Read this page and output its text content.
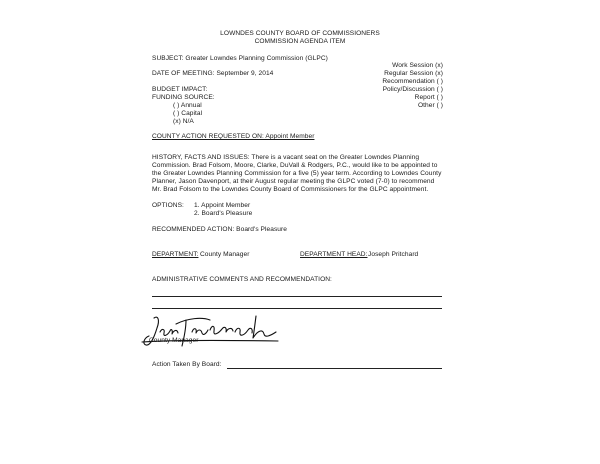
LOWNDES COUNTY BOARD OF COMMISSIONERS
COMMISSION AGENDA ITEM
SUBJECT: Greater Lowndes Planning Commission (GLPC)
DATE OF MEETING: September 9, 2014
Work Session (x)
Regular Session (x)
Recommendation ( )
Policy/Discussion ( )
Report ( )
Other ( )
BUDGET IMPACT:
FUNDING SOURCE:
( ) Annual
( ) Capital
(x) N/A
COUNTY ACTION REQUESTED ON: Appoint Member
HISTORY, FACTS AND ISSUES: There is a vacant seat on the Greater Lowndes Planning
Commission. Brad Folsom, Moore, Clarke, DuVall & Rodgers, P.C., would like to be appointed to
the Greater Lowndes Planning Commission for a five (5) year term. According to Lowndes County
Planner, Jason Davenport, at their August regular meeting the GLPC voted (7-0) to recommend
Mr. Brad Folsom to the Lowndes County Board of Commissioners for the GLPC appointment.
OPTIONS: 1. Appoint Member
2. Board's Pleasure
RECOMMENDED ACTION: Board's Pleasure
DEPARTMENT: County Manager	DEPARTMENT HEAD: Joseph Pritchard
ADMINISTRATIVE COMMENTS AND RECOMMENDATION:
County Manager
Action Taken By Board:
